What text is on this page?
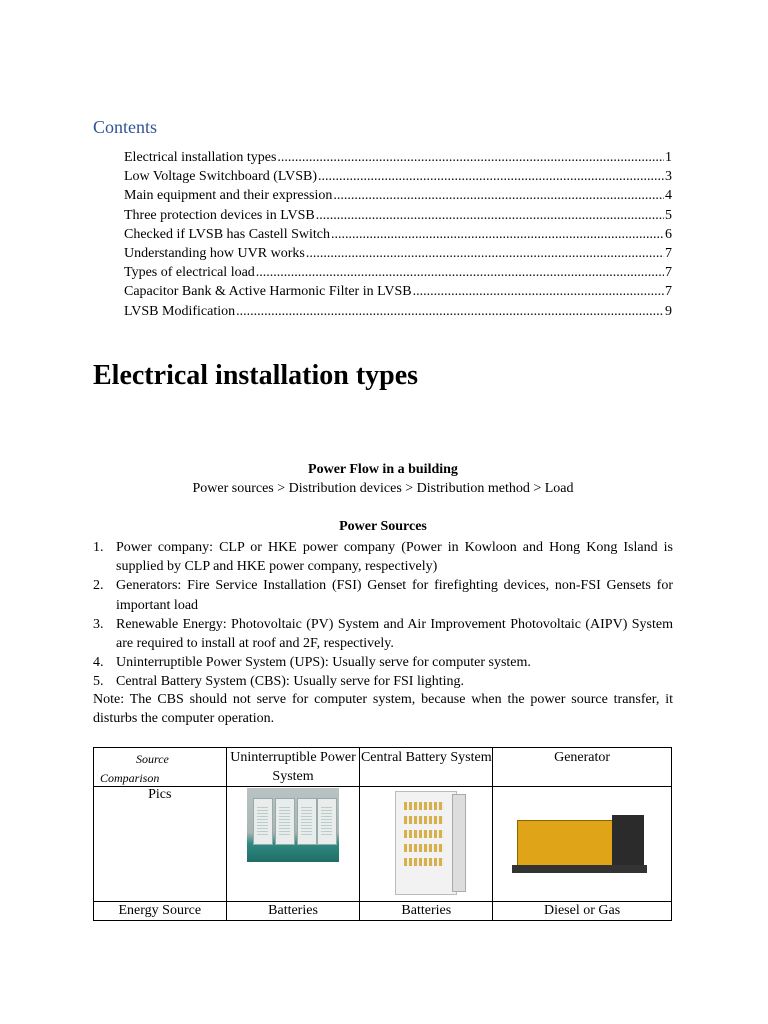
Contents
Electrical installation types .....	1
Low Voltage Switchboard (LVSB) .....	3
Main equipment and their expression .....	4
Three protection devices in LVSB .....	5
Checked if LVSB has Castell Switch .....	6
Understanding how UVR works .....	7
Types of electrical load .....	7
Capacitor Bank & Active Harmonic Filter in LVSB .....	7
LVSB Modification .....	9
Electrical installation types
Power Flow in a building
Power sources > Distribution devices > Distribution method > Load
Power Sources
1. Power company: CLP or HKE power company (Power in Kowloon and Hong Kong Island is supplied by CLP and HKE power company, respectively)
2. Generators: Fire Service Installation (FSI) Genset for firefighting devices, non-FSI Gensets for important load
3. Renewable Energy: Photovoltaic (PV) System and Air Improvement Photovoltaic (AIPV) System are required to install at roof and 2F, respectively.
4. Uninterruptible Power System (UPS): Usually serve for computer system.
5. Central Battery System (CBS): Usually serve for FSI lighting.
Note: The CBS should not serve for computer system, because when the power source transfer, it disturbs the computer operation.
Source
Comparison	Uninterruptible Power System	Central Battery System	Generator
Pics	

Energy Source	Batteries	Batteries	Diesel or Gas
